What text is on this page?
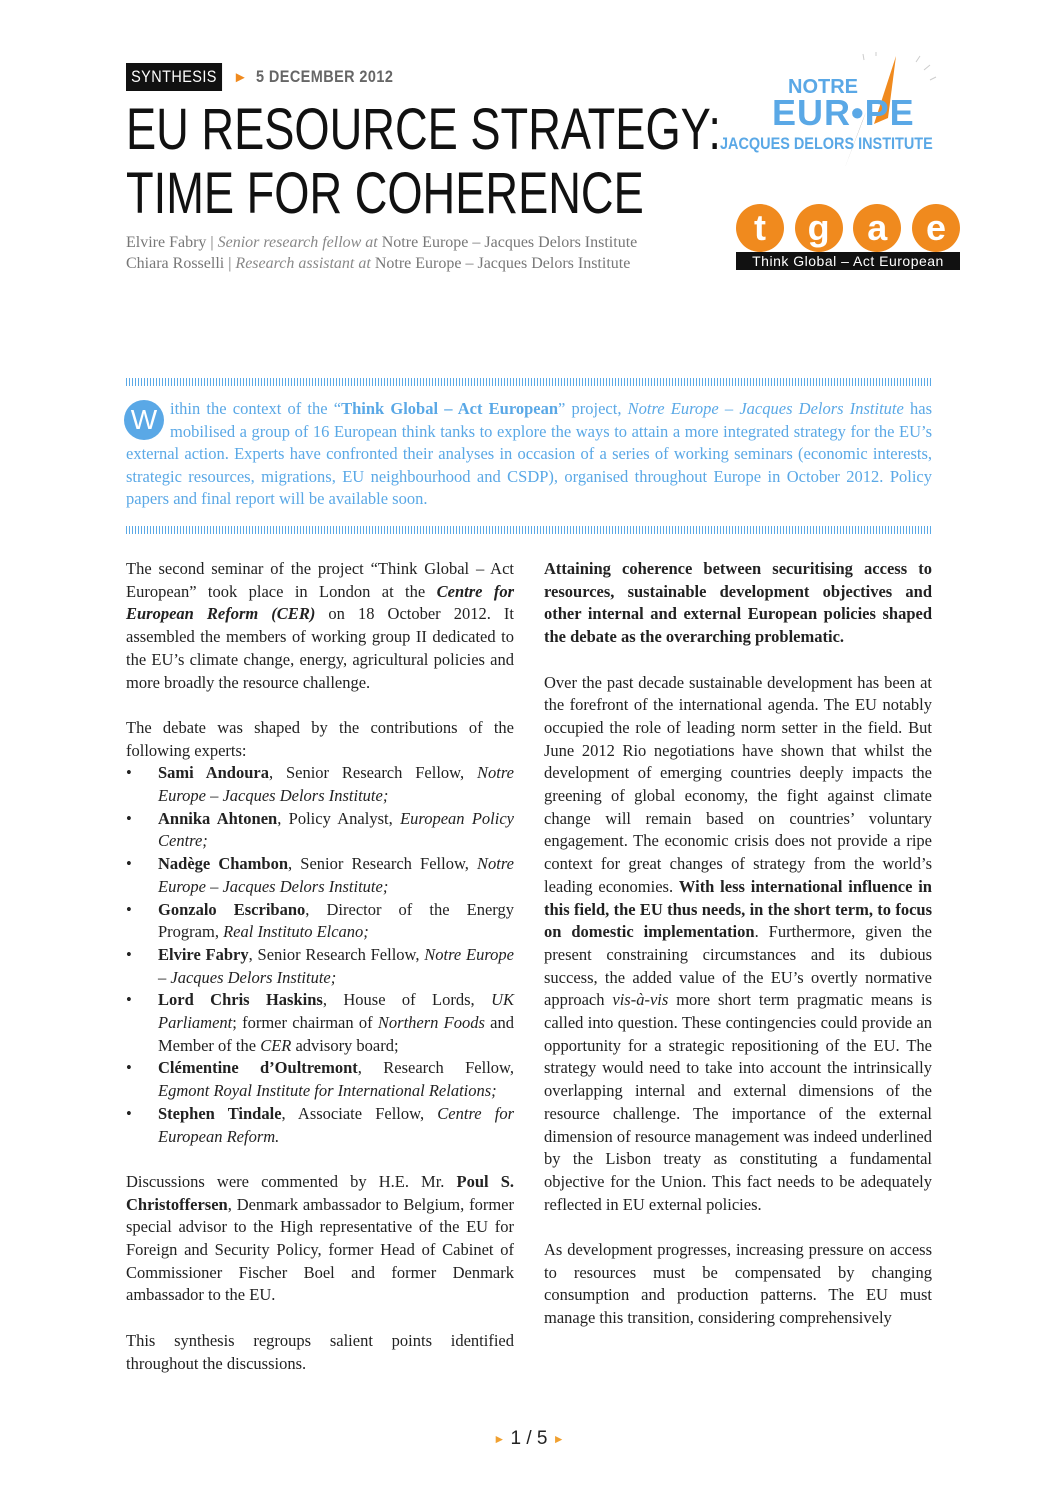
SYNTHESIS	► 5 DECEMBER 2012
EU RESOURCE STRATEGY:
TIME FOR COHERENCE
Elvire Fabry | Senior research fellow at Notre Europe – Jacques Delors Institute
Chiara Rosselli | Research assistant at Notre Europe – Jacques Delors Institute
NOTRE
EUR•PE
JACQUES DELORS INSTITUTE
t	g	a	e
Think Global – Act European
W ithin the context of the “Think Global – Act European” project, Notre Europe – Jacques Delors Institute has mobilised a group of 16 European think tanks to explore the ways to attain a more integrated strategy for the EU’s external action. Experts have confronted their analyses in occasion of a series of working seminars (economic interests, strategic resources, migrations, EU neighbourhood and CSDP), organised throughout Europe in October 2012. Policy papers and final report will be available soon.

The second seminar of the project “Think Global – Act European” took place in London at the Centre for European Reform (CER) on 18 October 2012. It assembled the members of working group II dedicated to the EU’s climate change, energy, agricultural policies and more broadly the resource challenge.

The debate was shaped by the contributions of the following experts:

• Sami Andoura, Senior Research Fellow, Notre Europe – Jacques Delors Institute;
• Annika Ahtonen, Policy Analyst, European Policy Centre;
• Nadège Chambon, Senior Research Fellow, Notre Europe – Jacques Delors Institute;
• Gonzalo Escribano, Director of the Energy Program, Real Instituto Elcano;
• Elvire Fabry, Senior Research Fellow, Notre Europe – Jacques Delors Institute;
• Lord Chris Haskins, House of Lords, UK Parliament; former chairman of Northern Foods and Member of the CER advisory board;
• Clémentine d’Oultremont, Research Fellow, Egmont Royal Institute for International Relations;
• Stephen Tindale, Associate Fellow, Centre for European Reform.

Discussions were commented by H.E. Mr. Poul S. Christoffersen, Denmark ambassador to Belgium, former special advisor to the High representative of the EU for Foreign and Security Policy, former Head of Cabinet of Commissioner Fischer Boel and former Denmark ambassador to the EU.

This synthesis regroups salient points identified throughout the discussions.

Attaining coherence between securitising access to resources, sustainable development objectives and other internal and external European policies shaped the debate as the overarching problematic.

Over the past decade sustainable development has been at the forefront of the international agenda. The EU notably occupied the role of leading norm setter in the field. But June 2012 Rio negotiations have shown that whilst the development of emerging countries deeply impacts the greening of global economy, the fight against climate change will remain based on countries’ voluntary engagement. The economic crisis does not provide a ripe context for great changes of strategy from the world’s leading economies. With less international influence in this field, the EU thus needs, in the short term, to focus on domestic implementation. Furthermore, given the present constraining circumstances and its dubious success, the added value of the EU’s overtly normative approach vis-à-vis more short term pragmatic means is called into question. These contingencies could provide an opportunity for a strategic repositioning of the EU. The strategy would need to take into account the intrinsically overlapping internal and external dimensions of the resource challenge. The importance of the external dimension of resource management was indeed underlined by the Lisbon treaty as constituting a fundamental objective for the Union. This fact needs to be adequately reflected in EU external policies.

As development progresses, increasing pressure on access to resources must be compensated by changing consumption and production patterns. The EU must manage this transition, considering comprehensively

► 1 / 5 ►
